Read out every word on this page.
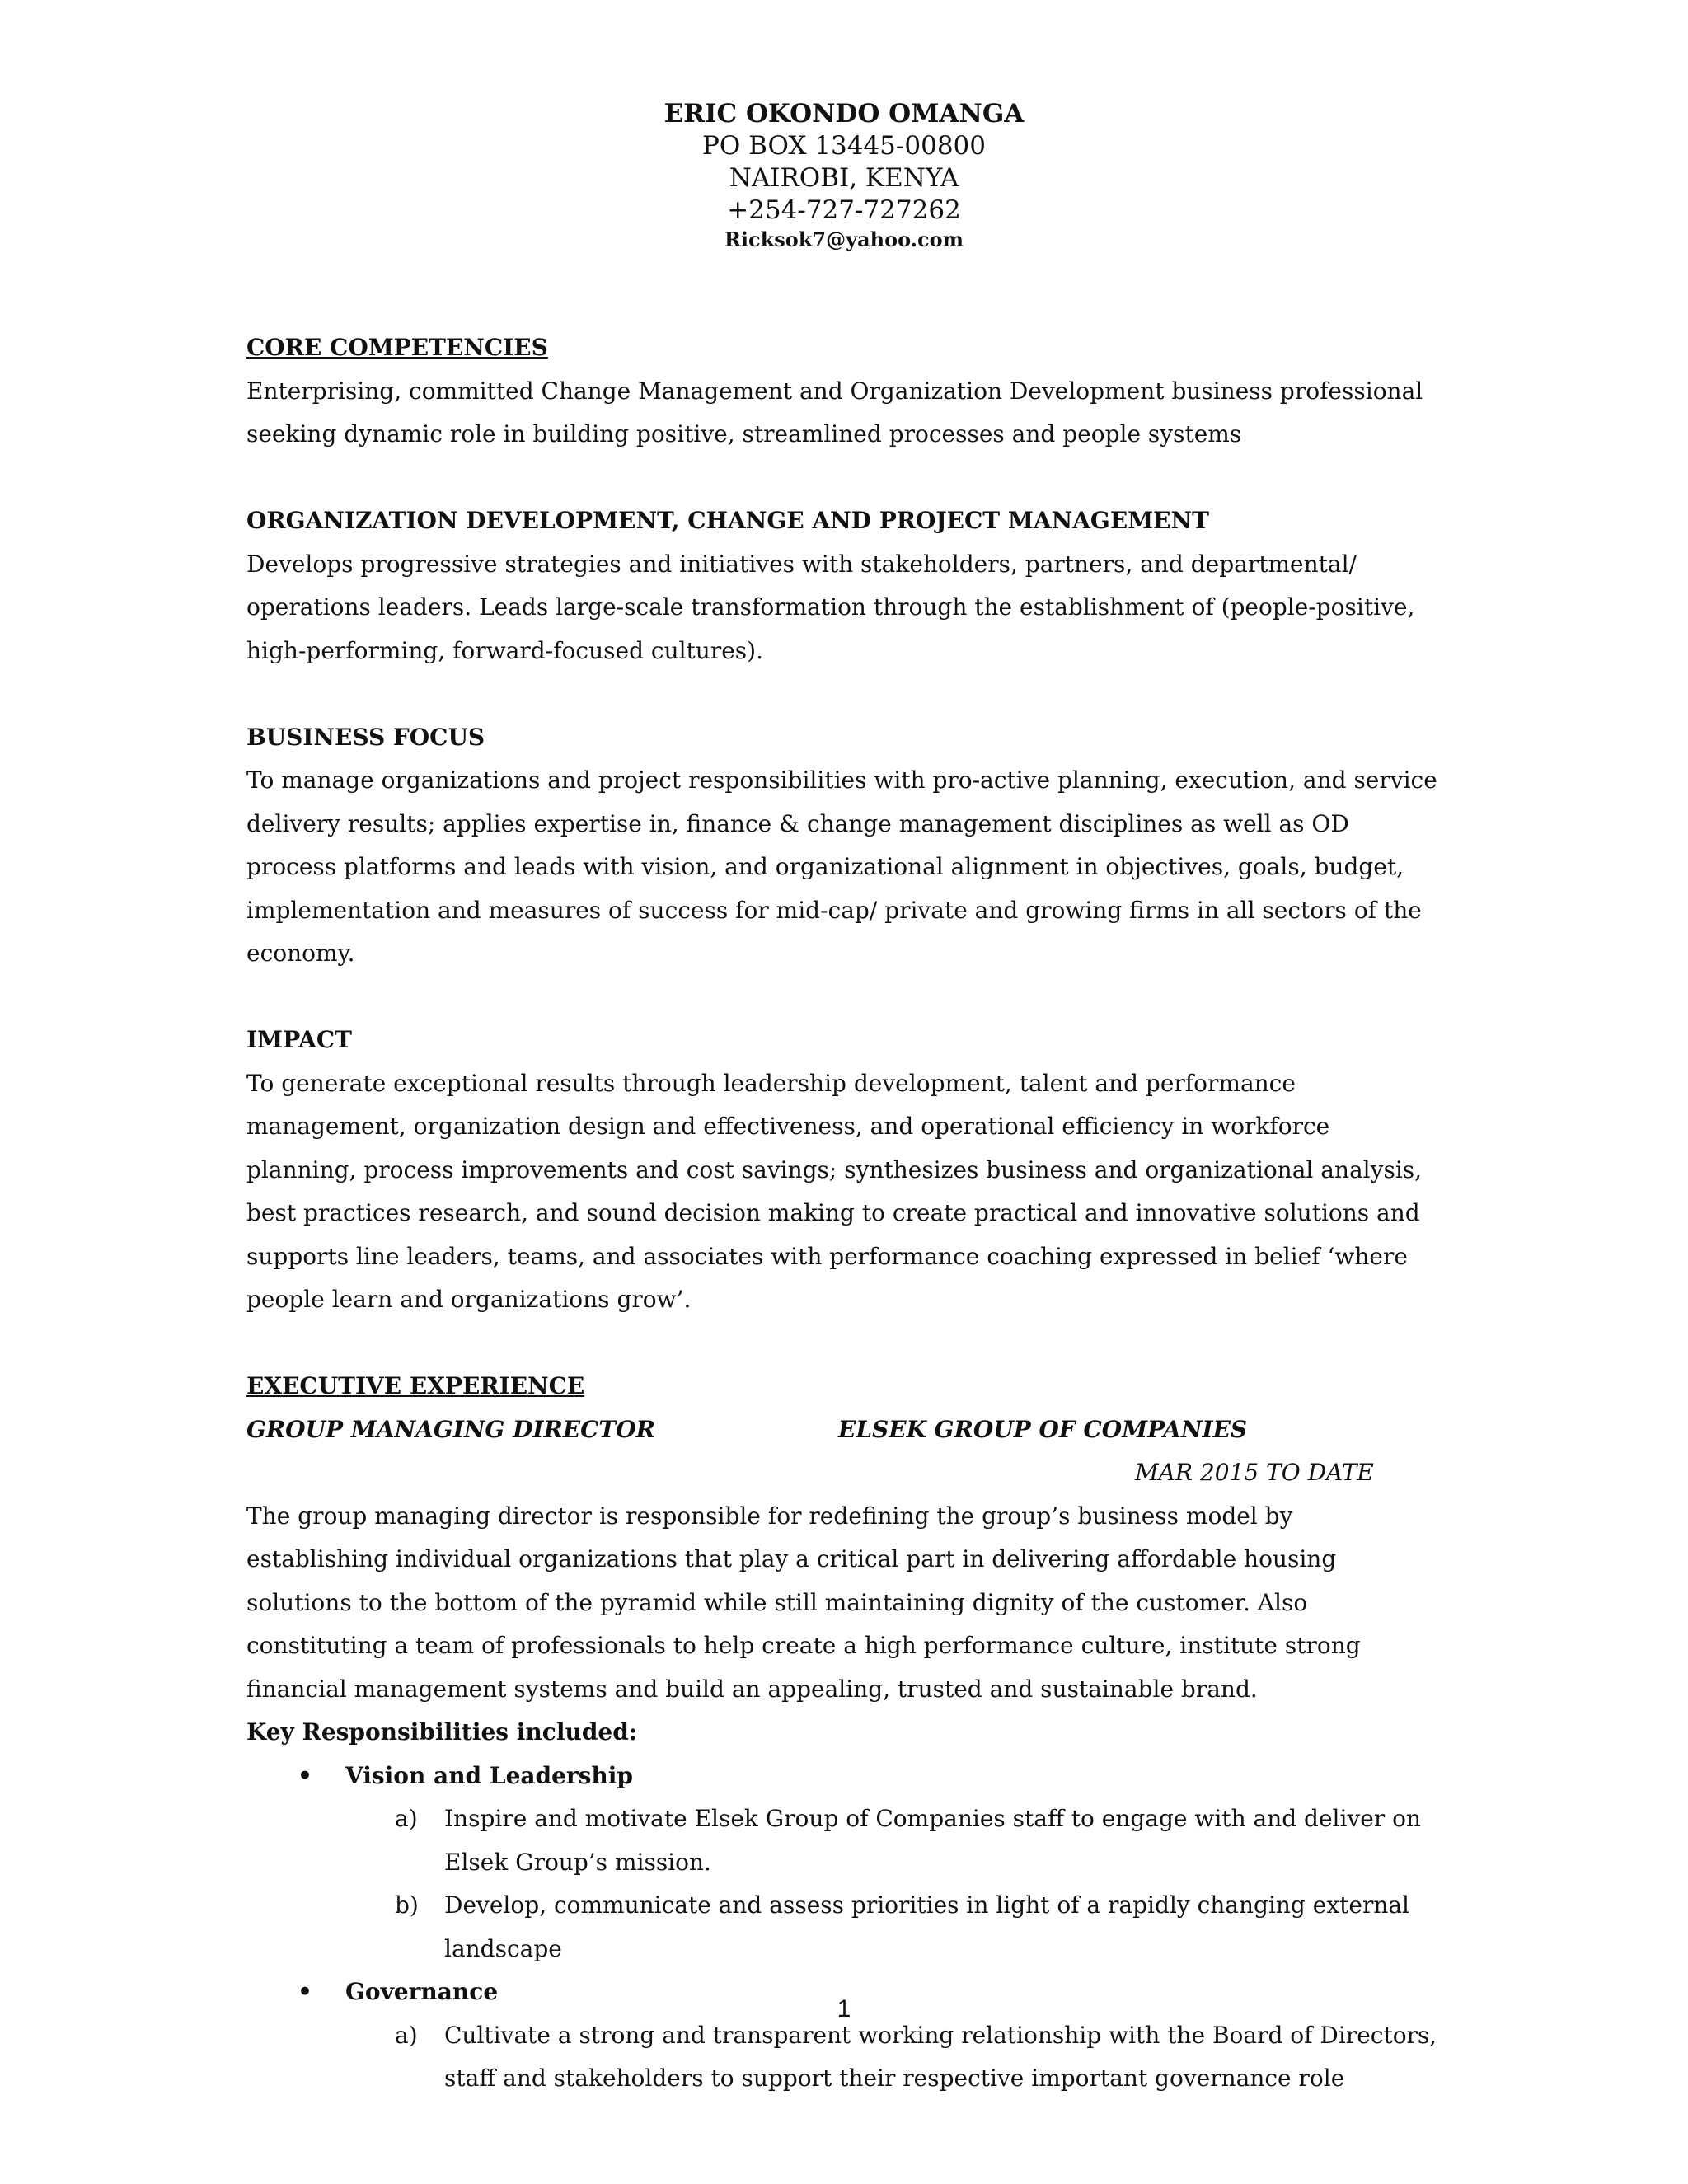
ERIC OKONDO OMANGA
PO BOX 13445-00800
NAIROBI, KENYA
+254-727-727262
Ricksok7@yahoo.com
CORE COMPETENCIES

Enterprising, committed Change Management and Organization Development business professional seeking dynamic role in building positive, streamlined processes and people systems

ORGANIZATION DEVELOPMENT, CHANGE AND PROJECT MANAGEMENT

Develops progressive strategies and initiatives with stakeholders, partners, and departmental/ operations leaders. Leads large-scale transformation through the establishment of (people-positive, high-performing, forward-focused cultures).

BUSINESS FOCUS

To manage organizations and project responsibilities with pro-active planning, execution, and service delivery results; applies expertise in, finance & change management disciplines as well as OD process platforms and leads with vision, and organizational alignment in objectives, goals, budget, implementation and measures of success for mid-cap/ private and growing firms in all sectors of the economy.

IMPACT

To generate exceptional results through leadership development, talent and performance management, organization design and effectiveness, and operational efficiency in workforce planning, process improvements and cost savings; synthesizes business and organizational analysis, best practices research, and sound decision making to create practical and innovative solutions and supports line leaders, teams, and associates with performance coaching expressed in belief ‘where people learn and organizations grow’.

EXECUTIVE EXPERIENCE
GROUP MANAGING DIRECTOR	ELSEK GROUP OF COMPANIES
MAR 2015 TO DATE

The group managing director is responsible for redefining the group’s business model by establishing individual organizations that play a critical part in delivering affordable housing solutions to the bottom of the pyramid while still maintaining dignity of the customer. Also constituting a team of professionals to help create a high performance culture, institute strong financial management systems and build an appealing, trusted and sustainable brand.

Key Responsibilities included:
• Vision and Leadership
a) Inspire and motivate Elsek Group of Companies staff to engage with and deliver on Elsek Group’s mission.
b) Develop, communicate and assess priorities in light of a rapidly changing external landscape
• Governance
a) Cultivate a strong and transparent working relationship with the Board of Directors, staff and stakeholders to support their respective important governance role
1
